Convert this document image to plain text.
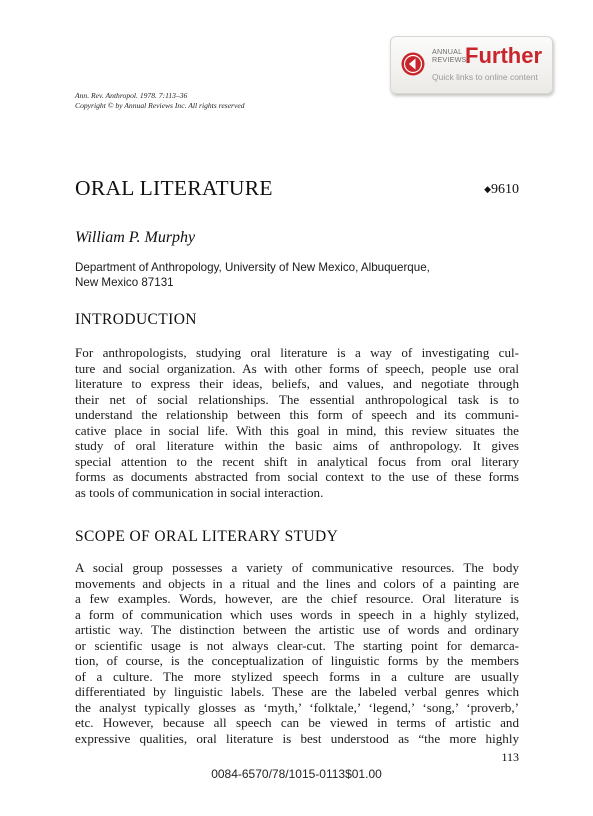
ANNUAL
REVIEWS
Further
Quick links to online content
Ann. Rev. Anthropol. 1978. 7:113–36
Copyright © by Annual Reviews Inc. All rights reserved
ORAL LITERATURE	◆9610
William P. Murphy
Department of Anthropology, University of New Mexico, Albuquerque,
New Mexico 87131
INTRODUCTION
For anthropologists, studying oral literature is a way of investigating cul-
ture and social organization. As with other forms of speech, people use oral
literature to express their ideas, beliefs, and values, and negotiate through
their net of social relationships. The essential anthropological task is to
understand the relationship between this form of speech and its communi-
cative place in social life. With this goal in mind, this review situates the
study of oral literature within the basic aims of anthropology. It gives
special attention to the recent shift in analytical focus from oral literary
forms as documents abstracted from social context to the use of these forms
as tools of communication in social interaction.
SCOPE OF ORAL LITERARY STUDY
A social group possesses a variety of communicative resources. The body
movements and objects in a ritual and the lines and colors of a painting are
a few examples. Words, however, are the chief resource. Oral literature is
a form of communication which uses words in speech in a highly stylized,
artistic way. The distinction between the artistic use of words and ordinary
or scientific usage is not always clear-cut. The starting point for demarca-
tion, of course, is the conceptualization of linguistic forms by the members
of a culture. The more stylized speech forms in a culture are usually
differentiated by linguistic labels. These are the labeled verbal genres which
the analyst typically glosses as ‘myth,’ ‘folktale,’ ‘legend,’ ‘song,’ ‘proverb,’
etc. However, because all speech can be viewed in terms of artistic and
expressive qualities, oral literature is best understood as “the more highly
113
0084-6570/78/1015-0113$01.00
